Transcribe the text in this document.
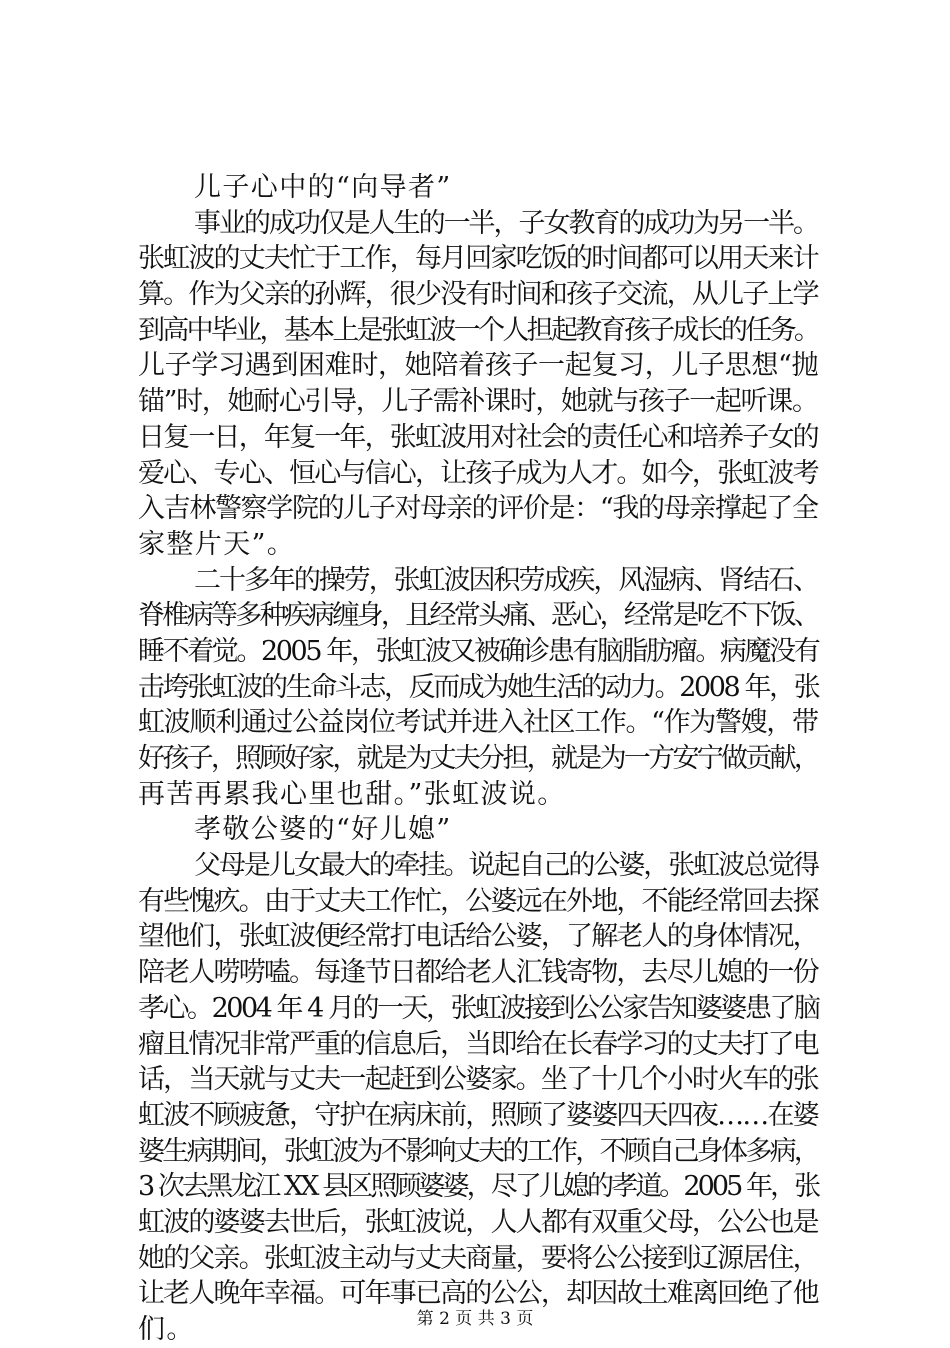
儿子心中的“向导者”
事业的成功仅是人生的一半，子女教育的成功为另一半。
张虹波的丈夫忙于工作，每月回家吃饭的时间都可以用天来计
算。作为父亲的孙辉，很少没有时间和孩子交流，从儿子上学
到高中毕业，基本上是张虹波一个人担起教育孩子成长的任务。
儿子学习遇到困难时，她陪着孩子一起复习，儿子思想“抛
锚”时，她耐心引导，儿子需补课时，她就与孩子一起听课。
日复一日，年复一年，张虹波用对社会的责任心和培养子女的
爱心、专心、恒心与信心，让孩子成为人才。如今，张虹波考
入吉林警察学院的儿子对母亲的评价是：“我的母亲撑起了全
家整片天”。
二十多年的操劳，张虹波因积劳成疾，风湿病、肾结石、
脊椎病等多种疾病缠身，且经常头痛、恶心，经常是吃不下饭、
睡不着觉。2005 年，张虹波又被确诊患有脑脂肪瘤。病魔没有
击垮张虹波的生命斗志，反而成为她生活的动力。2008 年，张
虹波顺利通过公益岗位考试并进入社区工作。“作为警嫂，带
好孩子，照顾好家，就是为丈夫分担，就是为一方安宁做贡献，
再苦再累我心里也甜。”张虹波说。
孝敬公婆的“好儿媳”
父母是儿女最大的牵挂。说起自己的公婆，张虹波总觉得
有些愧疚。由于丈夫工作忙，公婆远在外地，不能经常回去探
望他们，张虹波便经常打电话给公婆，了解老人的身体情况，
陪老人唠唠嗑。每逢节日都给老人汇钱寄物，去尽儿媳的一份
孝心。2004 年 4 月的一天，张虹波接到公公家告知婆婆患了脑
瘤且情况非常严重的信息后，当即给在长春学习的丈夫打了电
话，当天就与丈夫一起赶到公婆家。坐了十几个小时火车的张
虹波不顾疲惫，守护在病床前，照顾了婆婆四天四夜……在婆
婆生病期间，张虹波为不影响丈夫的工作，不顾自己身体多病，
3 次去黑龙江 XX 县区照顾婆婆，尽了儿媳的孝道。2005 年，张
虹波的婆婆去世后，张虹波说，人人都有双重父母，公公也是
她的父亲。张虹波主动与丈夫商量，要将公公接到辽源居住，
让老人晚年幸福。可年事已高的公公，却因故土难离回绝了他
们。	第 2 页 共 3 页
